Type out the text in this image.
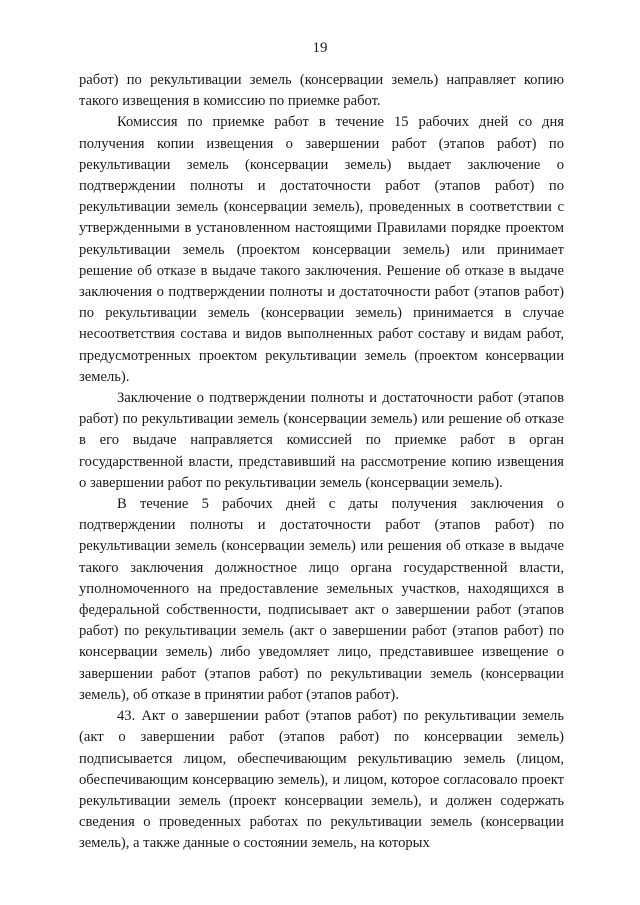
19

работ) по рекультивации земель (консервации земель) направляет копию такого извещения в комиссию по приемке работ.

Комиссия по приемке работ в течение 15 рабочих дней со дня получения копии извещения о завершении работ (этапов работ) по рекультивации земель (консервации земель) выдает заключение о подтверждении полноты и достаточности работ (этапов работ) по рекультивации земель (консервации земель), проведенных в соответствии с утвержденными в установленном настоящими Правилами порядке проектом рекультивации земель (проектом консервации земель) или принимает решение об отказе в выдаче такого заключения. Решение об отказе в выдаче заключения о подтверждении полноты и достаточности работ (этапов работ) по рекультивации земель (консервации земель) принимается в случае несоответствия состава и видов выполненных работ составу и видам работ, предусмотренных проектом рекультивации земель (проектом консервации земель).

Заключение о подтверждении полноты и достаточности работ (этапов работ) по рекультивации земель (консервации земель) или решение об отказе в его выдаче направляется комиссией по приемке работ в орган государственной власти, представивший на рассмотрение копию извещения о завершении работ по рекультивации земель (консервации земель).

В течение 5 рабочих дней с даты получения заключения о подтверждении полноты и достаточности работ (этапов работ) по рекультивации земель (консервации земель) или решения об отказе в выдаче такого заключения должностное лицо органа государственной власти, уполномоченного на предоставление земельных участков, находящихся в федеральной собственности, подписывает акт о завершении работ (этапов работ) по рекультивации земель (акт о завершении работ (этапов работ) по консервации земель) либо уведомляет лицо, представившее извещение о завершении работ (этапов работ) по рекультивации земель (консервации земель), об отказе в принятии работ (этапов работ).

43. Акт о завершении работ (этапов работ) по рекультивации земель (акт о завершении работ (этапов работ) по консервации земель) подписывается лицом, обеспечивающим рекультивацию земель (лицом, обеспечивающим консервацию земель), и лицом, которое согласовало проект рекультивации земель (проект консервации земель), и должен содержать сведения о проведенных работах по рекультивации земель (консервации земель), а также данные о состоянии земель, на которых
